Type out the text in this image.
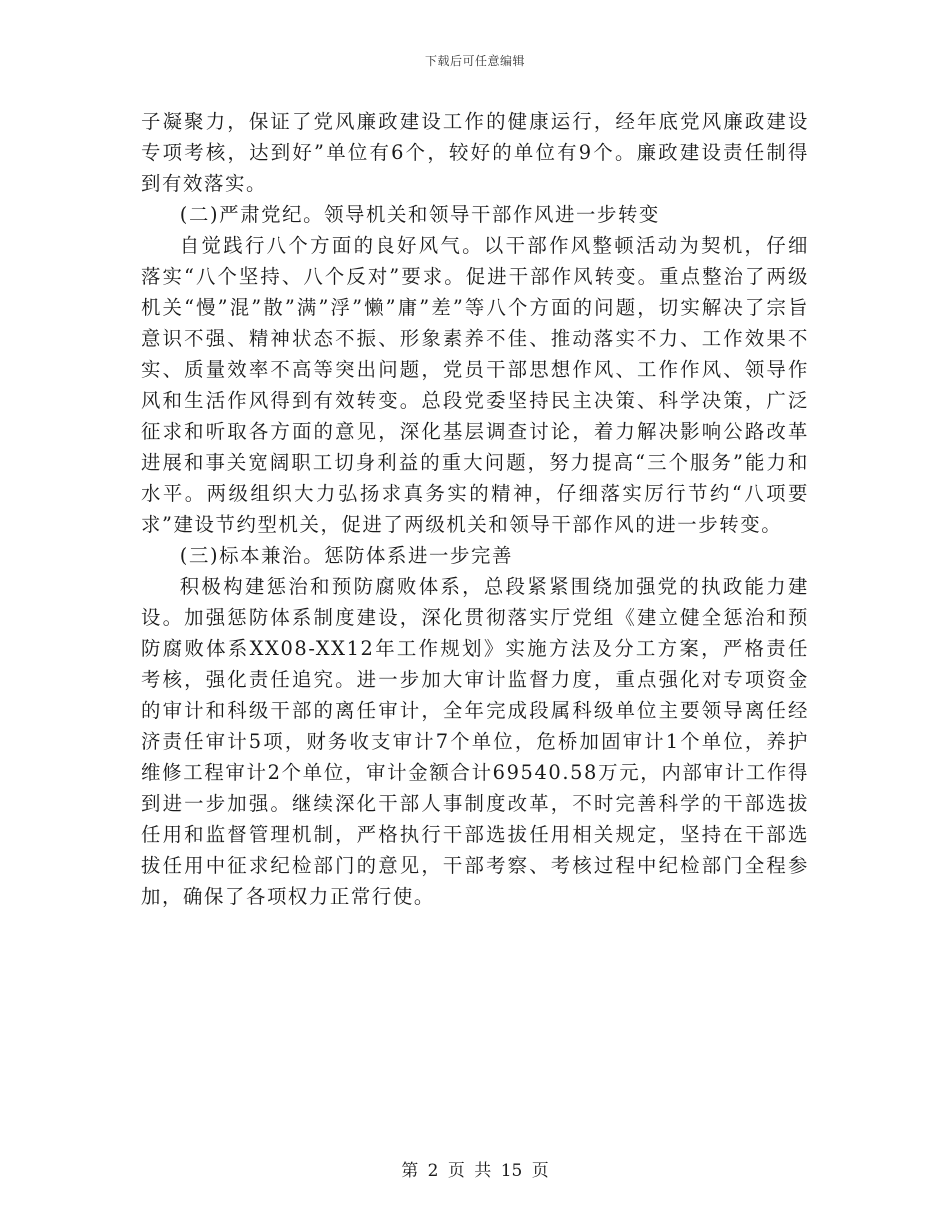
下载后可任意编辑

子凝聚力，保证了党风廉政建设工作的健康运行，经年底党风廉政建设专项考核，达到好”单位有6个，较好的单位有9个。廉政建设责任制得到有效落实。

(二)严肃党纪。领导机关和领导干部作风进一步转变

自觉践行八个方面的良好风气。以干部作风整顿活动为契机，仔细落实“八个坚持、八个反对”要求。促进干部作风转变。重点整治了两级机关“慢”混”散”满”浮”懒”庸”差”等八个方面的问题，切实解决了宗旨意识不强、精神状态不振、形象素养不佳、推动落实不力、工作效果不实、质量效率不高等突出问题，党员干部思想作风、工作作风、领导作风和生活作风得到有效转变。总段党委坚持民主决策、科学决策，广泛征求和听取各方面的意见，深化基层调查讨论，着力解决影响公路改革进展和事关宽阔职工切身利益的重大问题，努力提高“三个服务”能力和水平。两级组织大力弘扬求真务实的精神，仔细落实厉行节约“八项要求”建设节约型机关，促进了两级机关和领导干部作风的进一步转变。

(三)标本兼治。惩防体系进一步完善

积极构建惩治和预防腐败体系，总段紧紧围绕加强党的执政能力建设。加强惩防体系制度建设，深化贯彻落实厅党组《建立健全惩治和预防腐败体系XX08-XX12年工作规划》实施方法及分工方案，严格责任考核，强化责任追究。进一步加大审计监督力度，重点强化对专项资金的审计和科级干部的离任审计，全年完成段属科级单位主要领导离任经济责任审计5项，财务收支审计7个单位，危桥加固审计1个单位，养护维修工程审计2个单位，审计金额合计69540.58万元，内部审计工作得到进一步加强。继续深化干部人事制度改革，不时完善科学的干部选拔任用和监督管理机制，严格执行干部选拔任用相关规定，坚持在干部选拔任用中征求纪检部门的意见，干部考察、考核过程中纪检部门全程参加，确保了各项权力正常行使。

第 2 页 共 15 页
